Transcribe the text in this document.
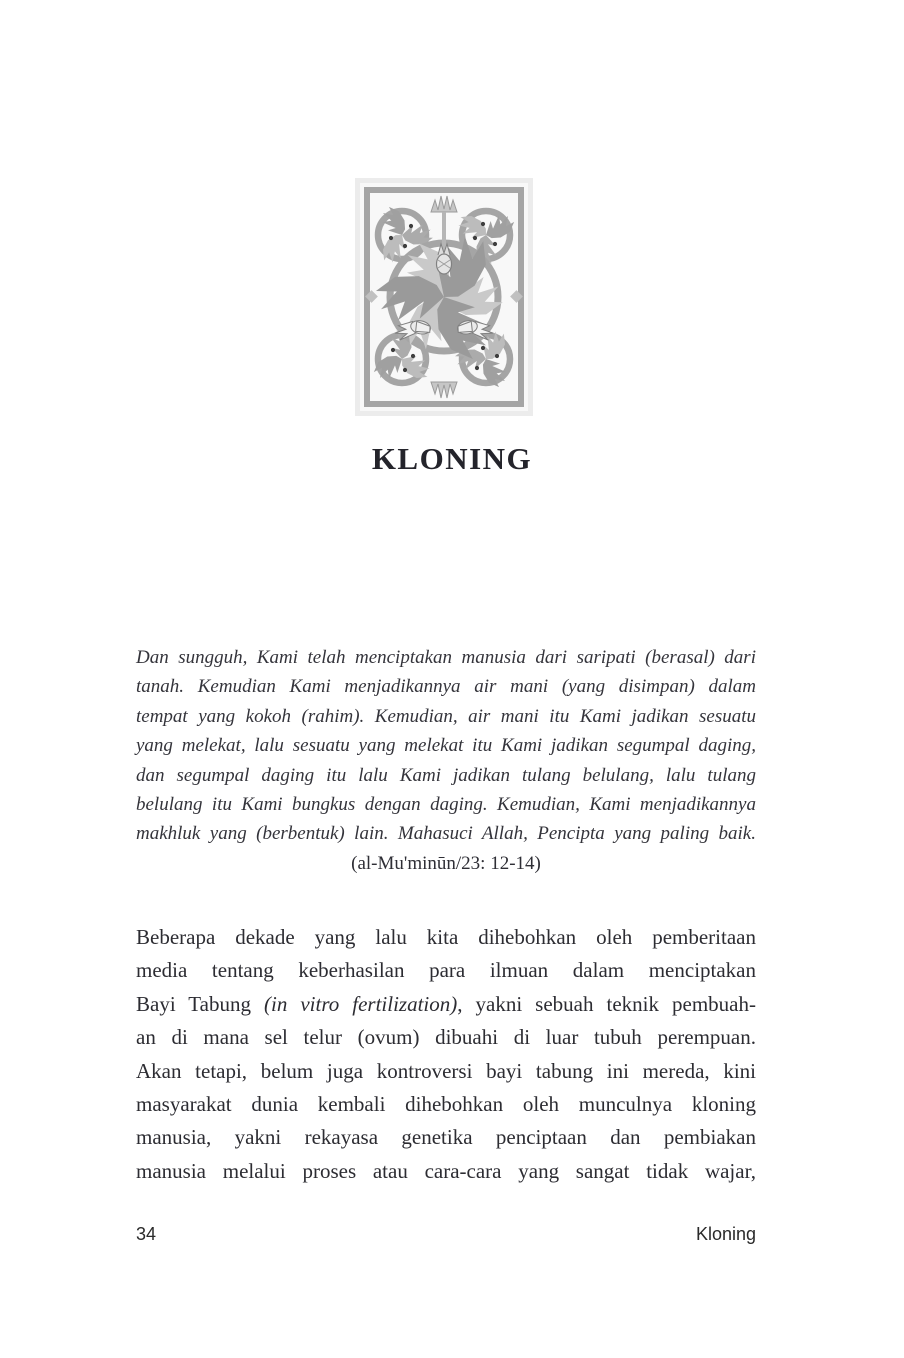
KLONING
Dan sungguh, Kami telah menciptakan manusia dari saripati (berasal) dari
tanah. Kemudian Kami menjadikannya air mani (yang disimpan) dalam
tempat yang kokoh (rahim). Kemudian, air mani itu Kami jadikan sesuatu
yang melekat, lalu sesuatu yang melekat itu Kami jadikan segumpal daging,
dan segumpal daging itu lalu Kami jadikan tulang belulang, lalu tulang
belulang itu Kami bungkus dengan daging. Kemudian, Kami menjadikannya
makhluk yang (berbentuk) lain. Mahasuci Allah, Pencipta yang paling baik.
(al-Mu'minūn/23: 12-14)
Beberapa dekade yang lalu kita dihebohkan oleh pemberitaan
media tentang keberhasilan para ilmuan dalam menciptakan
Bayi Tabung (in vitro fertilization), yakni sebuah teknik pembuah-
an di mana sel telur (ovum) dibuahi di luar tubuh perempuan.
Akan tetapi, belum juga kontroversi bayi tabung ini mereda, kini
masyarakat dunia kembali dihebohkan oleh munculnya kloning
manusia, yakni rekayasa genetika penciptaan dan pembiakan
manusia melalui proses atau cara-cara yang sangat tidak wajar,
34	Kloning
